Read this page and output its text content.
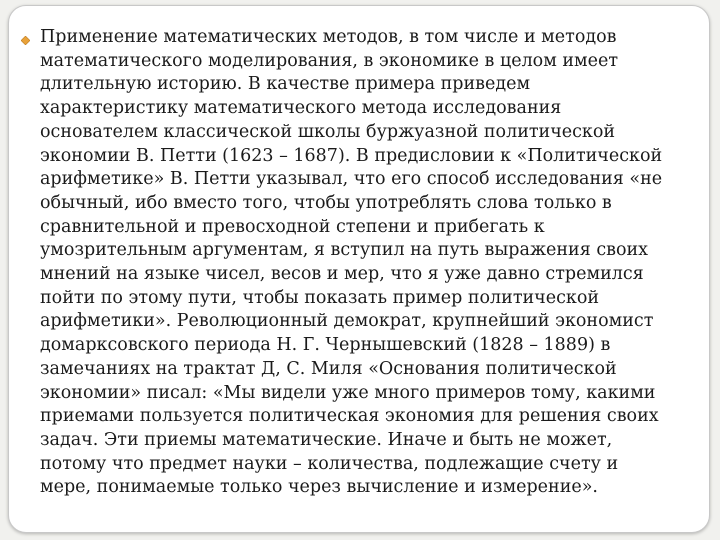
Применение математических методов, в том числе и методов
математического моделирования, в экономике в целом имеет
длительную историю. В качестве примера приведем
характеристику математического метода исследования
основaтелем классической школы буржуазной политической
экономии В. Петти (1623 – 1687). В предисловии к «Политической
арифметике» В. Петти указывал, что его способ исследования «не
обычный, ибо вместо того, чтобы употреблять слова только в
сравнительной и превосходной степени и прибегать к
умозрительным аргументам, я вступил на путь выражения своих
мнений на языке чисел, весов и мер, что я уже давно стремился
пойти по этому пути, чтобы показать пример политической
арифметики». Революционный демократ, крупнейший экономист
домарксовского периода Н. Г. Чернышевский (1828 – 1889) в
замечаниях на трактат Д, С. Миля «Основания политической
экономии» писал: «Мы видели уже много примеров тому, какими
приемами пользуется политическая экономия для решения своих
задач. Эти приемы математические. Иначе и быть не может,
потому что предмет науки – количества, подлежащие счету и
мере, понимаемые только через вычисление и измерение».
